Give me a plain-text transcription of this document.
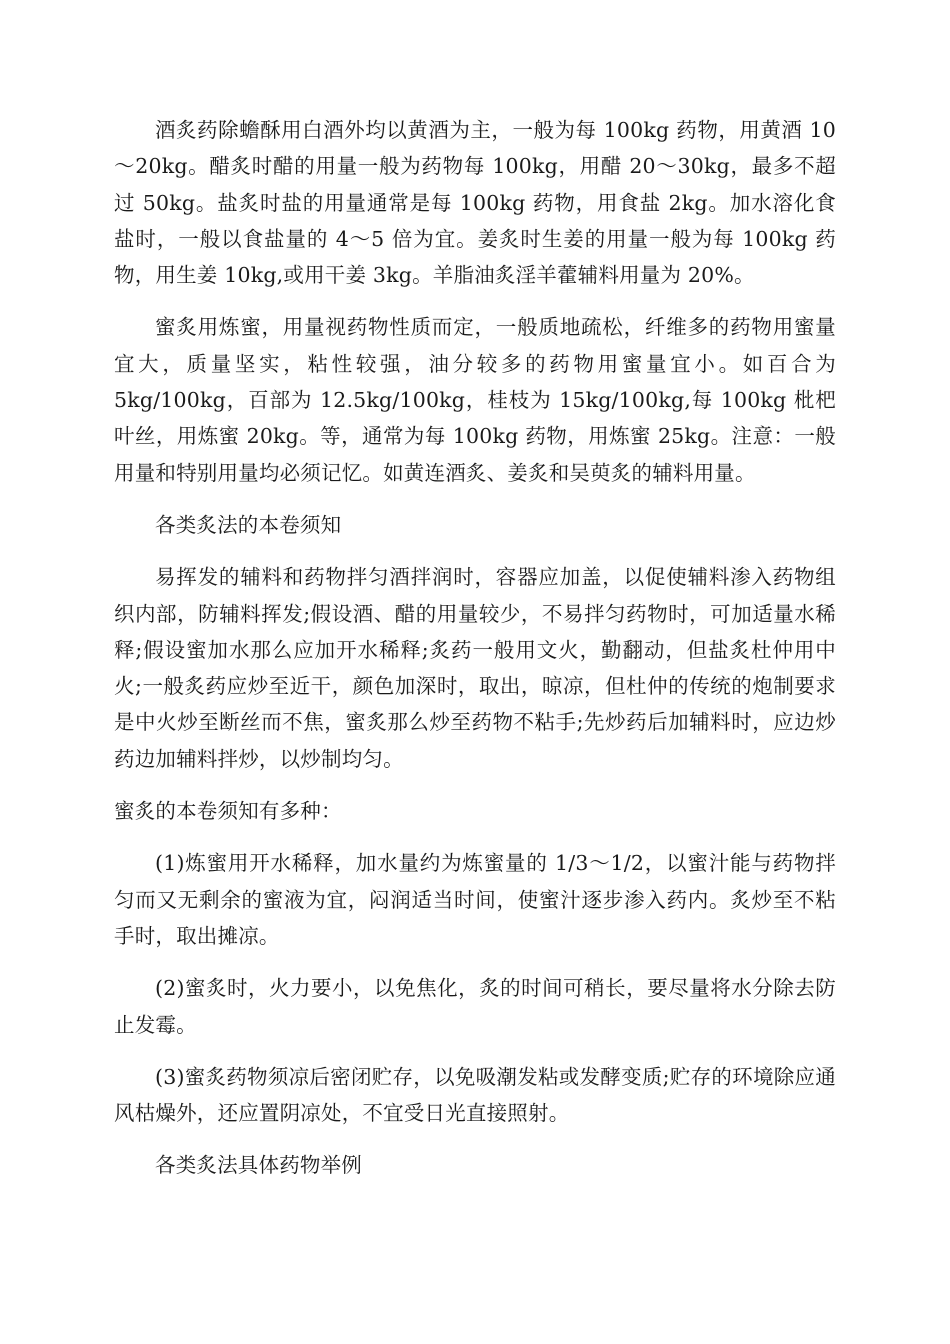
酒炙药除蟾酥用白酒外均以黄酒为主，一般为每 100kg 药物，用黄酒 10～20kg。醋炙时醋的用量一般为药物每 100kg，用醋 20～30kg，最多不超过 50kg。盐炙时盐的用量通常是每 100kg 药物，用食盐 2kg。加水溶化食盐时，一般以食盐量的 4～5 倍为宜。姜炙时生姜的用量一般为每 100kg 药物，用生姜 10kg,或用干姜 3kg。羊脂油炙淫羊藿辅料用量为 20%。

蜜炙用炼蜜，用量视药物性质而定，一般质地疏松，纤维多的药物用蜜量宜大，质量坚实，粘性较强，油分较多的药物用蜜量宜小。如百合为 5kg/100kg，百部为 12.5kg/100kg，桂枝为 15kg/100kg,每 100kg 枇杷叶丝，用炼蜜 20kg。等，通常为每 100kg 药物，用炼蜜 25kg。注意：一般用量和特别用量均必须记忆。如黄连酒炙、姜炙和吴萸炙的辅料用量。

各类炙法的本卷须知

易挥发的辅料和药物拌匀酒拌润时，容器应加盖，以促使辅料渗入药物组织内部，防辅料挥发;假设酒、醋的用量较少，不易拌匀药物时，可加适量水稀释;假设蜜加水那么应加开水稀释;炙药一般用文火，勤翻动，但盐炙杜仲用中火;一般炙药应炒至近干，颜色加深时，取出，晾凉，但杜仲的传统的炮制要求是中火炒至断丝而不焦，蜜炙那么炒至药物不粘手;先炒药后加辅料时，应边炒药边加辅料拌炒，以炒制均匀。

蜜炙的本卷须知有多种：

(1)炼蜜用开水稀释，加水量约为炼蜜量的 1/3～1/2，以蜜汁能与药物拌匀而又无剩余的蜜液为宜，闷润适当时间，使蜜汁逐步渗入药内。炙炒至不粘手时，取出摊凉。

(2)蜜炙时，火力要小，以免焦化，炙的时间可稍长，要尽量将水分除去防止发霉。

(3)蜜炙药物须凉后密闭贮存，以免吸潮发粘或发酵变质;贮存的环境除应通风枯燥外，还应置阴凉处，不宜受日光直接照射。

各类炙法具体药物举例
